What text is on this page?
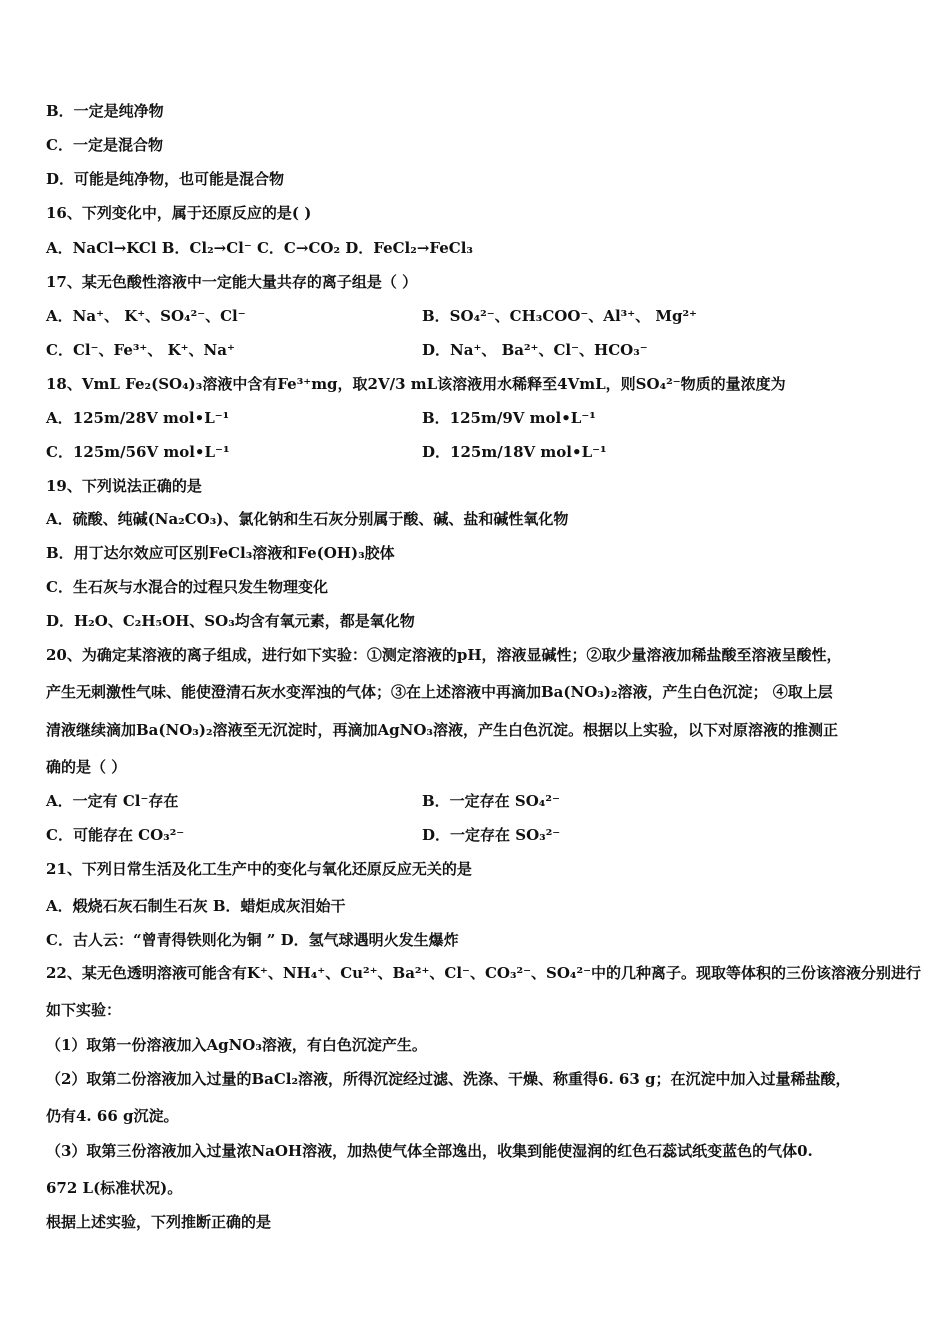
B．一定是纯净物
C．一定是混合物
D．可能是纯净物，也可能是混合物
16、下列变化中，属于还原反应的是( )
A．NaCl→KCl B．Cl₂→Cl⁻ C．C→CO₂ D．FeCl₂→FeCl₃
17、某无色酸性溶液中一定能大量共存的离子组是（ ）
A．Na⁺、 K⁺、SO₄²⁻、Cl⁻	B．SO₄²⁻、CH₃COO⁻、Al³⁺、 Mg²⁺
C．Cl⁻、Fe³⁺、 K⁺、Na⁺	D．Na⁺、 Ba²⁺、Cl⁻、HCO₃⁻
18、VmL Fe₂(SO₄)₃溶液中含有Fe³⁺mg，取2V/3 mL该溶液用水稀释至4VmL，则SO₄²⁻物质的量浓度为
A．125m/28V mol•L⁻¹	B．125m/9V mol•L⁻¹
C．125m/56V mol•L⁻¹	D．125m/18V mol•L⁻¹
19、下列说法正确的是
A．硫酸、纯碱(Na₂CO₃)、氯化钠和生石灰分别属于酸、碱、盐和碱性氧化物
B．用丁达尔效应可区别FeCl₃溶液和Fe(OH)₃胶体
C．生石灰与水混合的过程只发生物理变化
D．H₂O、C₂H₅OH、SO₃均含有氧元素，都是氧化物
20、为确定某溶液的离子组成，进行如下实验：①测定溶液的pH，溶液显碱性；②取少量溶液加稀盐酸至溶液呈酸性，
产生无刺激性气味、能使澄清石灰水变浑浊的气体；③在上述溶液中再滴加Ba(NO₃)₂溶液，产生白色沉淀； ④取上层
清液继续滴加Ba(NO₃)₂溶液至无沉淀时，再滴加AgNO₃溶液，产生白色沉淀。根据以上实验，以下对原溶液的推测正
确的是（ ）
A．一定有 Cl⁻存在	B．一定存在 SO₄²⁻
C．可能存在 CO₃²⁻	D．一定存在 SO₃²⁻
21、下列日常生活及化工生产中的变化与氧化还原反应无关的是
A．煅烧石灰石制生石灰 B．蜡炬成灰泪始干
C．古人云：“曾青得铁则化为铜 ” D．氢气球遇明火发生爆炸
22、某无色透明溶液可能含有K⁺、NH₄⁺、Cu²⁺、Ba²⁺、Cl⁻、CO₃²⁻、SO₄²⁻中的几种离子。现取等体积的三份该溶液分别进行
如下实验：
（1）取第一份溶液加入AgNO₃溶液，有白色沉淀产生。
（2）取第二份溶液加入过量的BaCl₂溶液，所得沉淀经过滤、洗涤、干燥、称重得6. 63 g；在沉淀中加入过量稀盐酸，
仍有4. 66 g沉淀。
（3）取第三份溶液加入过量浓NaOH溶液，加热使气体全部逸出，收集到能使湿润的红色石蕊试纸变蓝色的气体0.
672 L(标准状况)。
根据上述实验，下列推断正确的是
